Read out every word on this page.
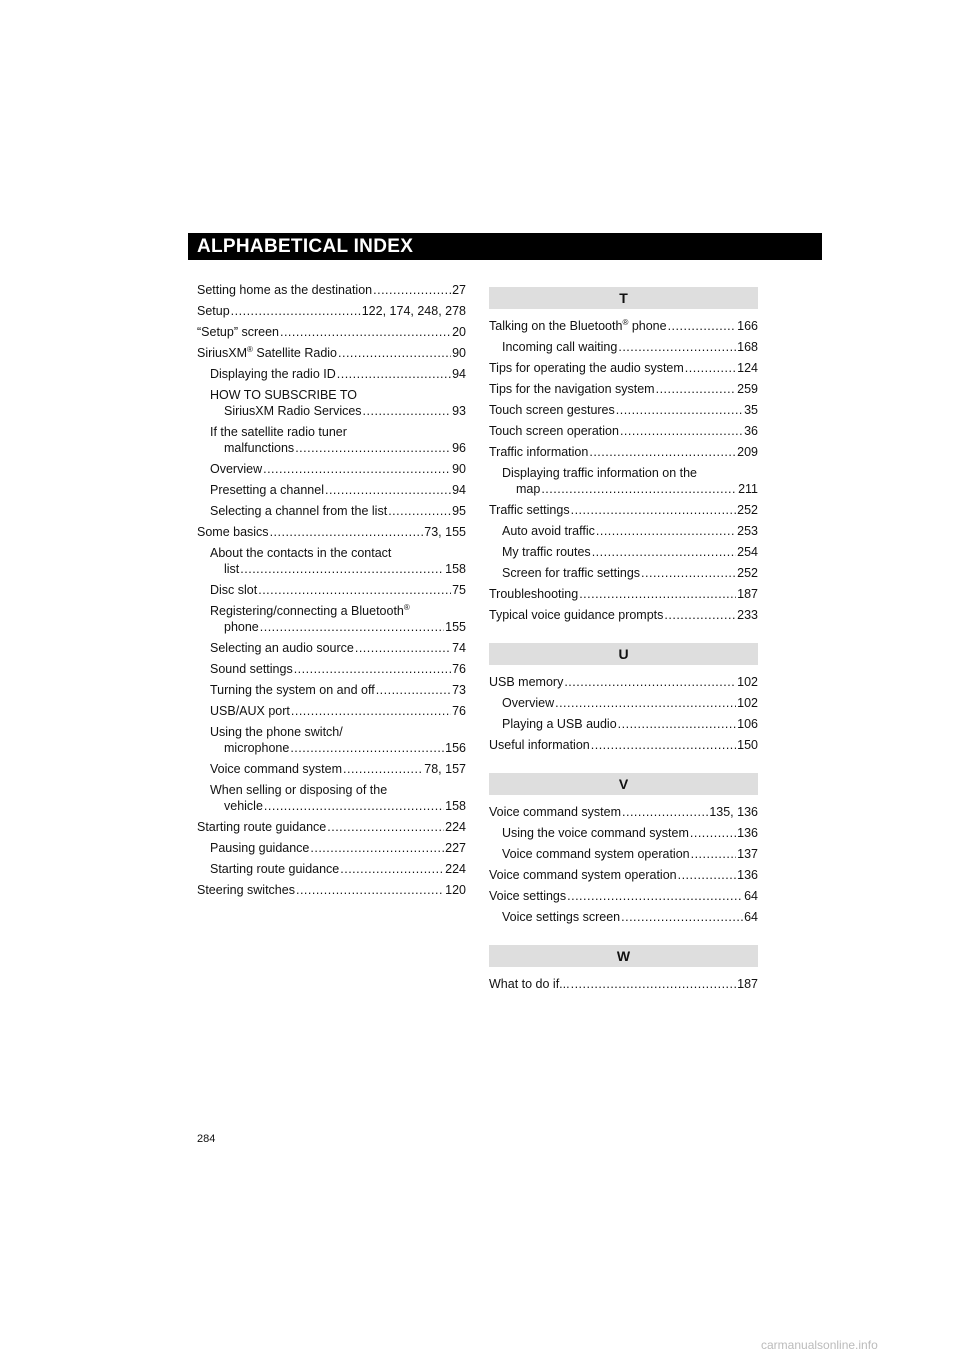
ALPHABETICAL INDEX
Setting home as the destination .....	27
Setup .....	122, 174, 248, 278
“Setup” screen .....	20
SiriusXM® Satellite Radio .....	90
Displaying the radio ID .....	94
HOW TO SUBSCRIBE TO
SiriusXM Radio Services .....	93
If the satellite radio tuner
malfunctions .....	96
Overview .....	90
Presetting a channel .....	94
Selecting a channel from the list .....	95
Some basics .....	73, 155
About the contacts in the contact
list .....	158
Disc slot .....	75
Registering/connecting a Bluetooth®
phone .....	155
Selecting an audio source .....	74
Sound settings .....	76
Turning the system on and off .....	73
USB/AUX port .....	76
Using the phone switch/
microphone .....	156
Voice command system .....	78, 157
When selling or disposing of the
vehicle .....	158
Starting route guidance .....	224
Pausing guidance .....	227
Starting route guidance .....	224
Steering switches .....	120
T
Talking on the Bluetooth® phone .....	166
Incoming call waiting .....	168
Tips for operating the audio system .....	124
Tips for the navigation system .....	259
Touch screen gestures .....	35
Touch screen operation .....	36
Traffic information .....	209
Displaying traffic information on the
map .....	211
Traffic settings .....	252
Auto avoid traffic .....	253
My traffic routes .....	254
Screen for traffic settings .....	252
Troubleshooting .....	187
Typical voice guidance prompts .....	233
U
USB memory .....	102
Overview .....	102
Playing a USB audio .....	106
Useful information .....	150
V
Voice command system .....	135, 136
Using the voice command system .....	136
Voice command system operation .....	137
Voice command system operation .....	136
Voice settings .....	64
Voice settings screen .....	64
W
What to do if... .....	187
284
carmanualsonline.info
